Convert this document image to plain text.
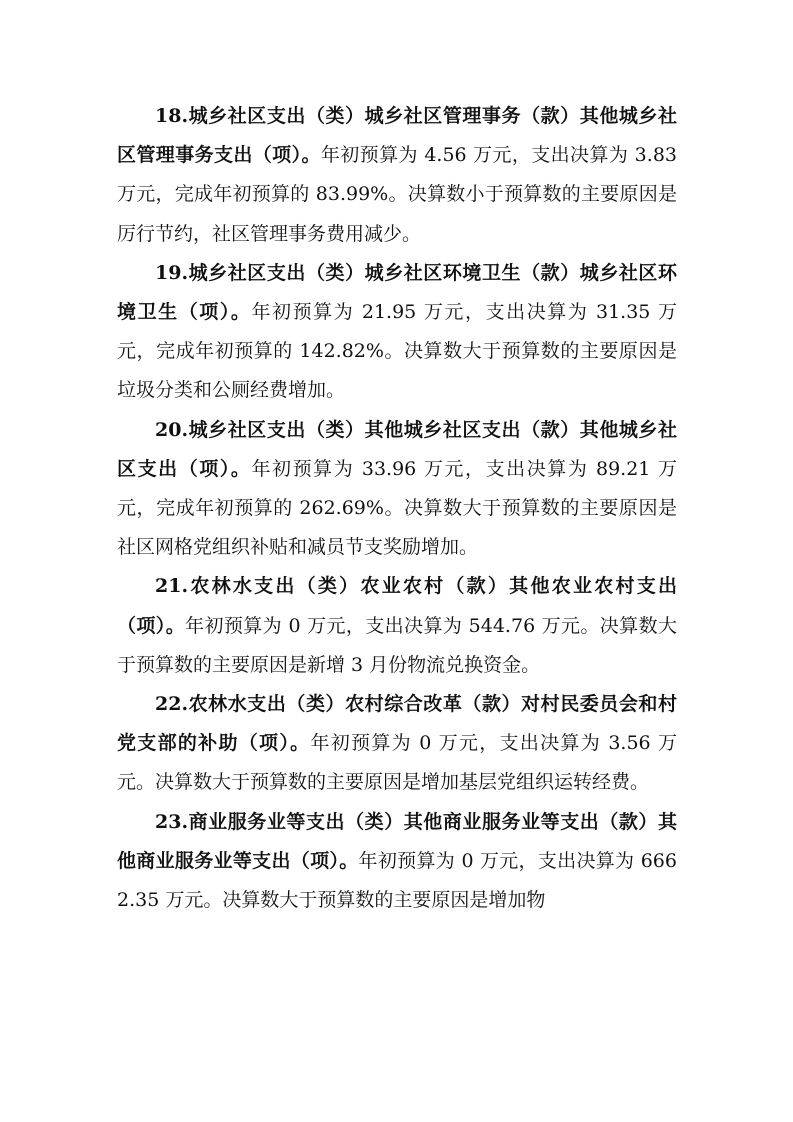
18.城乡社区支出（类）城乡社区管理事务（款）其他城乡社区管理事务支出（项）。年初预算为 4.56 万元，支出决算为 3.83 万元，完成年初预算的 83.99%。决算数小于预算数的主要原因是厉行节约，社区管理事务费用减少。

19.城乡社区支出（类）城乡社区环境卫生（款）城乡社区环境卫生（项）。年初预算为 21.95 万元，支出决算为 31.35 万元，完成年初预算的 142.82%。决算数大于预算数的主要原因是垃圾分类和公厕经费增加。

20.城乡社区支出（类）其他城乡社区支出（款）其他城乡社区支出（项）。年初预算为 33.96 万元，支出决算为 89.21 万元，完成年初预算的 262.69%。决算数大于预算数的主要原因是社区网格党组织补贴和减员节支奖励增加。

21.农林水支出（类）农业农村（款）其他农业农村支出（项）。年初预算为 0 万元，支出决算为 544.76 万元。决算数大于预算数的主要原因是新增 3 月份物流兑换资金。

22.农林水支出（类）农村综合改革（款）对村民委员会和村党支部的补助（项）。年初预算为 0 万元，支出决算为 3.56 万元。决算数大于预算数的主要原因是增加基层党组织运转经费。

23.商业服务业等支出（类）其他商业服务业等支出（款）其他商业服务业等支出（项）。年初预算为 0 万元，支出决算为 6662.35 万元。决算数大于预算数的主要原因是增加物
